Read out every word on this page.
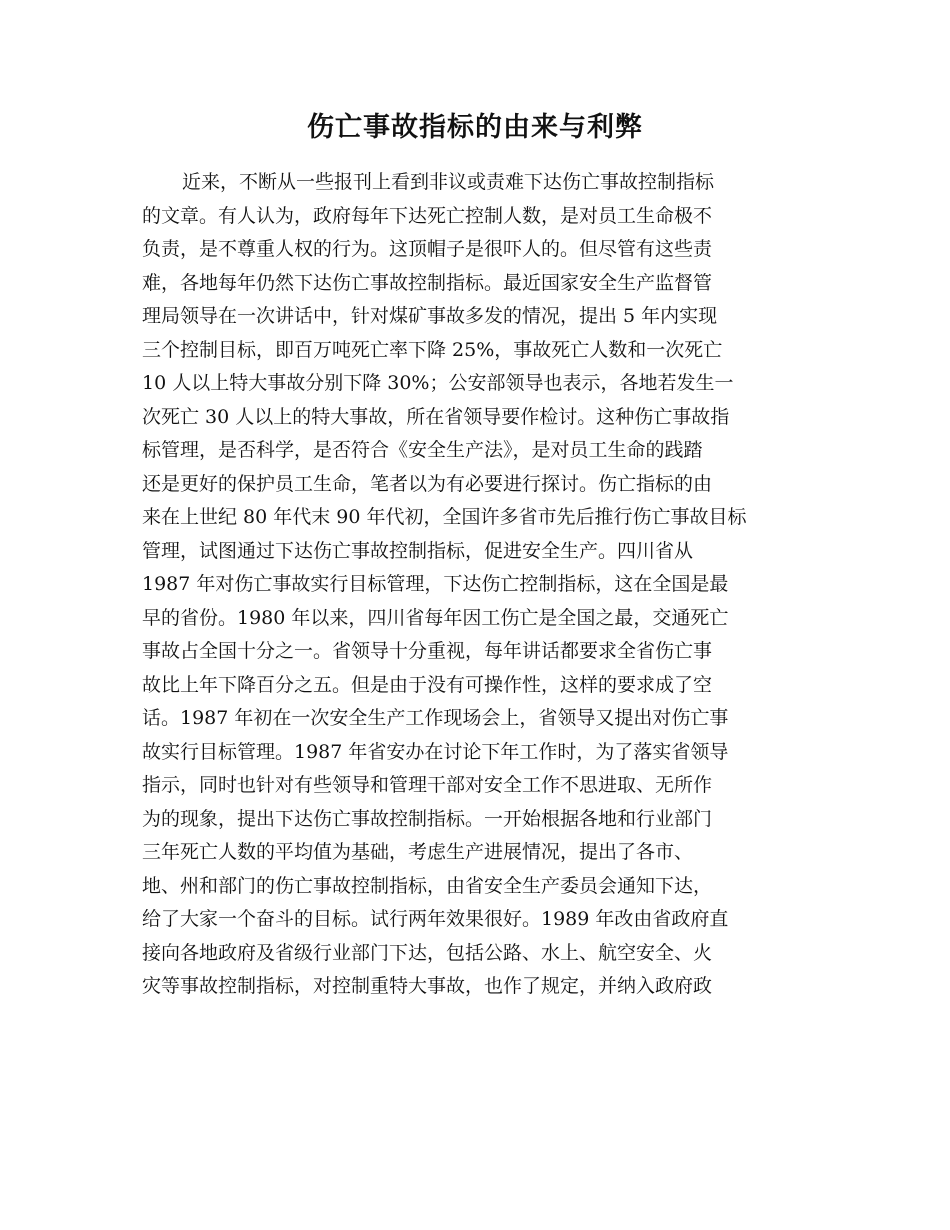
伤亡事故指标的由来与利弊
近来，不断从一些报刊上看到非议或责难下达伤亡事故控制指标
的文章。有人认为，政府每年下达死亡控制人数，是对员工生命极不
负责，是不尊重人权的行为。这顶帽子是很吓人的。但尽管有这些责
难，各地每年仍然下达伤亡事故控制指标。最近国家安全生产监督管
理局领导在一次讲话中，针对煤矿事故多发的情况，提出 5 年内实现
三个控制目标，即百万吨死亡率下降 25%，事故死亡人数和一次死亡
10 人以上特大事故分别下降 30%；公安部领导也表示，各地若发生一
次死亡 30 人以上的特大事故，所在省领导要作检讨。这种伤亡事故指
标管理，是否科学，是否符合《安全生产法》，是对员工生命的践踏
还是更好的保护员工生命，笔者以为有必要进行探讨。伤亡指标的由
来在上世纪 80 年代末 90 年代初，全国许多省市先后推行伤亡事故目标
管理，试图通过下达伤亡事故控制指标，促进安全生产。四川省从
1987 年对伤亡事故实行目标管理，下达伤亡控制指标，这在全国是最
早的省份。1980 年以来，四川省每年因工伤亡是全国之最，交通死亡
事故占全国十分之一。省领导十分重视，每年讲话都要求全省伤亡事
故比上年下降百分之五。但是由于没有可操作性，这样的要求成了空
话。1987 年初在一次安全生产工作现场会上，省领导又提出对伤亡事
故实行目标管理。1987 年省安办在讨论下年工作时，为了落实省领导
指示，同时也针对有些领导和管理干部对安全工作不思进取、无所作
为的现象，提出下达伤亡事故控制指标。一开始根据各地和行业部门
三年死亡人数的平均值为基础，考虑生产进展情况，提出了各市、
地、州和部门的伤亡事故控制指标，由省安全生产委员会通知下达，
给了大家一个奋斗的目标。试行两年效果很好。1989 年改由省政府直
接向各地政府及省级行业部门下达，包括公路、水上、航空安全、火
灾等事故控制指标，对控制重特大事故，也作了规定，并纳入政府政
